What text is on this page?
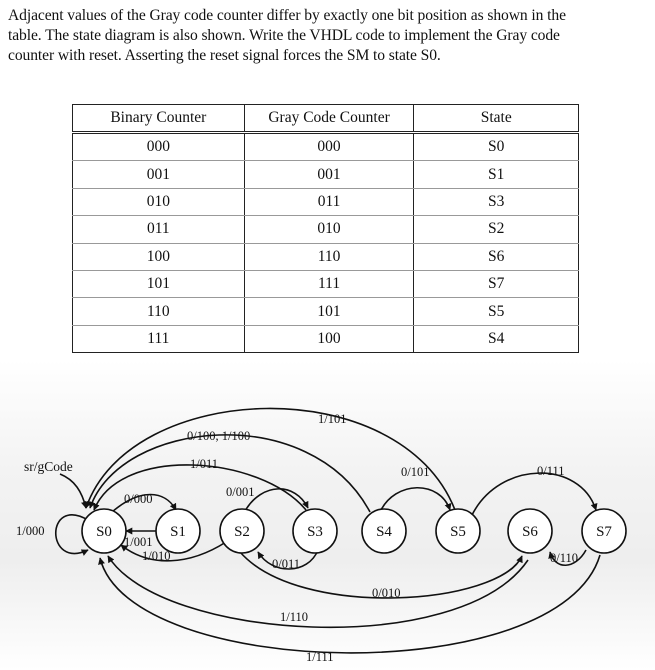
Adjacent values of the Gray code counter differ by exactly one bit position as shown in the

table. The state diagram is also shown. Write the VHDL code to implement the Gray code

counter with reset. Asserting the reset signal forces the SM to state S0.

Binary Counter	Gray Code Counter	State
000	000	S0
001	001	S1
010	011	S3
011	010	S2
100	110	S6
101	111	S7
110	101	S5
111	100	S4
S0	S1	S2	S3	S4	S5	S6	S7
sr/gCode
1/000
0/000
1/001
1/010
0/001
0/011
1/011
0/100, 1/100
1/101
0/101
0/010
0/111
0/110
1/110
1/111
